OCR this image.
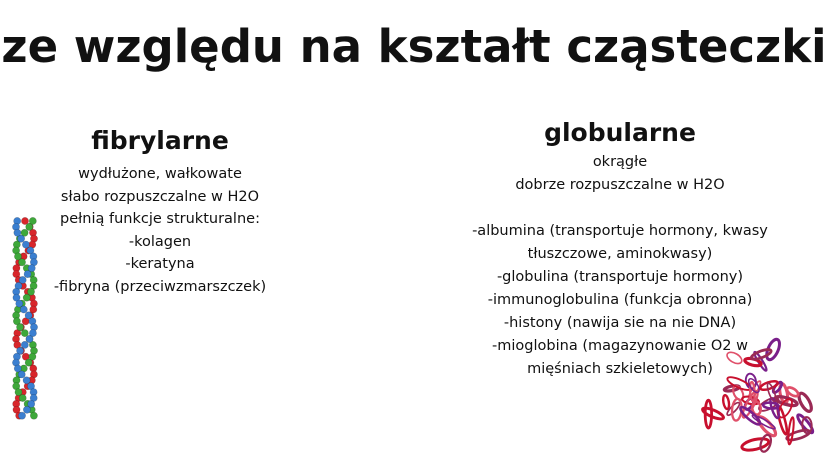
ze względu na kształt cząsteczki
fibrylarne
wydłużone, wałkowate
słabo rozpuszczalne w H2O
pełnią funkcje strukturalne:
-kolagen
-keratyna
-fibryna (przeciwzmarszczek)
globularne
okrągłe
dobrze rozpuszczalne w H2O
-albumina (transportuje hormony, kwasy
tłuszczowe, aminokwasy)
-globulina (transportuje hormony)
-immunoglobulina (funkcja obronna)
-histony (nawija sie na nie DNA)
-mioglobina (magazynowanie O2 w
mięśniach szkieletowych)
